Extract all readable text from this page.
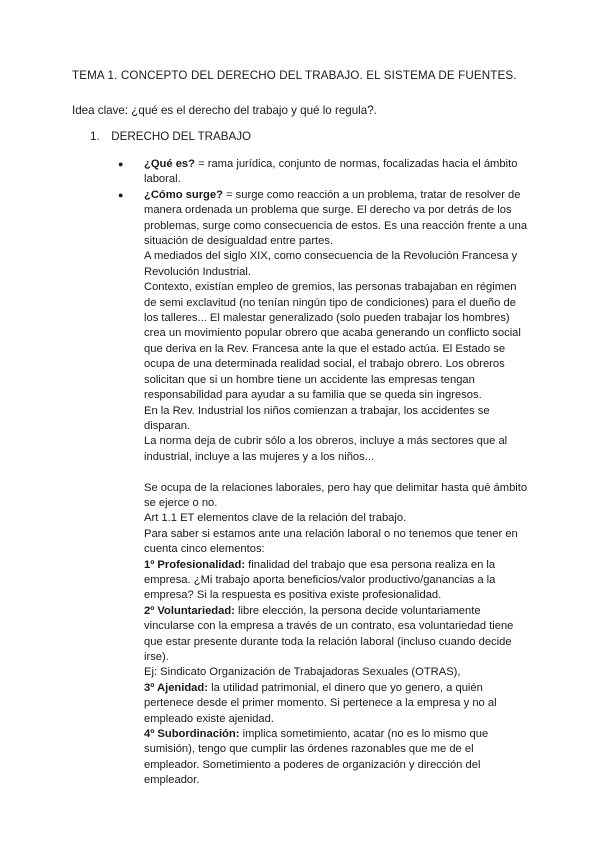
TEMA 1. CONCEPTO DEL DERECHO DEL TRABAJO. EL SISTEMA DE FUENTES.
Idea clave: ¿qué es el derecho del trabajo y qué lo regula?.
1. DERECHO DEL TRABAJO
● ¿Qué es? = rama jurídica, conjunto de normas, focalizadas hacia el ámbito
laboral.
● ¿Cómo surge? = surge como reacción a un problema, tratar de resolver de
manera ordenada un problema que surge. El derecho va por detrás de los
problemas, surge como consecuencia de estos. Es una reacción frente a una
situación de desigualdad entre partes.
A mediados del siglo XIX, como consecuencia de la Revolución Francesa y
Revolución Industrial.
Contexto, existían empleo de gremios, las personas trabajaban en régimen
de semi exclavitud (no tenían ningún tipo de condiciones) para el dueño de
los talleres... El malestar generalizado (solo pueden trabajar los hombres)
crea un movimiento popular obrero que acaba generando un conflicto social
que deriva en la Rev. Francesa ante la que el estado actúa. El Estado se
ocupa de una determinada realidad social, el trabajo obrero. Los obreros
solicitan que si un hombre tiene un accidente las empresas tengan
responsabilidad para ayudar a su familia que se queda sin ingresos.
En la Rev. Industrial los niños comienzan a trabajar, los accidentes se
disparan.
La norma deja de cubrir sólo a los obreros, incluye a más sectores que al
industrial, incluye a las mujeres y a los niños...
Se ocupa de la relaciones laborales, pero hay que delimitar hasta qué ámbito
se ejerce o no.
Art 1.1 ET elementos clave de la relación del trabajo.
Para saber si estamos ante una relación laboral o no tenemos que tener en
cuenta cinco elementos:
1º Profesionalidad: finalidad del trabajo que esa persona realiza en la
empresa. ¿Mi trabajo aporta beneficios/valor productivo/ganancias a la
empresa? Si la respuesta es positiva existe profesionalidad.
2º Voluntariedad: libre elección, la persona decide voluntariamente
vincularse con la empresa a través de un contrato, esa voluntariedad tiene
que estar presente durante toda la relación laboral (incluso cuando decide
irse).
Ej: Sindicato Organización de Trabajadoras Sexuales (OTRAS),
3º Ajenidad: la utilidad patrimonial, el dinero que yo genero, a quién
pertenece desde el primer momento. Si pertenece a la empresa y no al
empleado existe ajenidad.
4º Subordinación: implica sometimiento, acatar (no es lo mismo que
sumisión), tengo que cumplir las órdenes razonables que me de el
empleador. Sometimiento a poderes de organización y dirección del
empleador.
